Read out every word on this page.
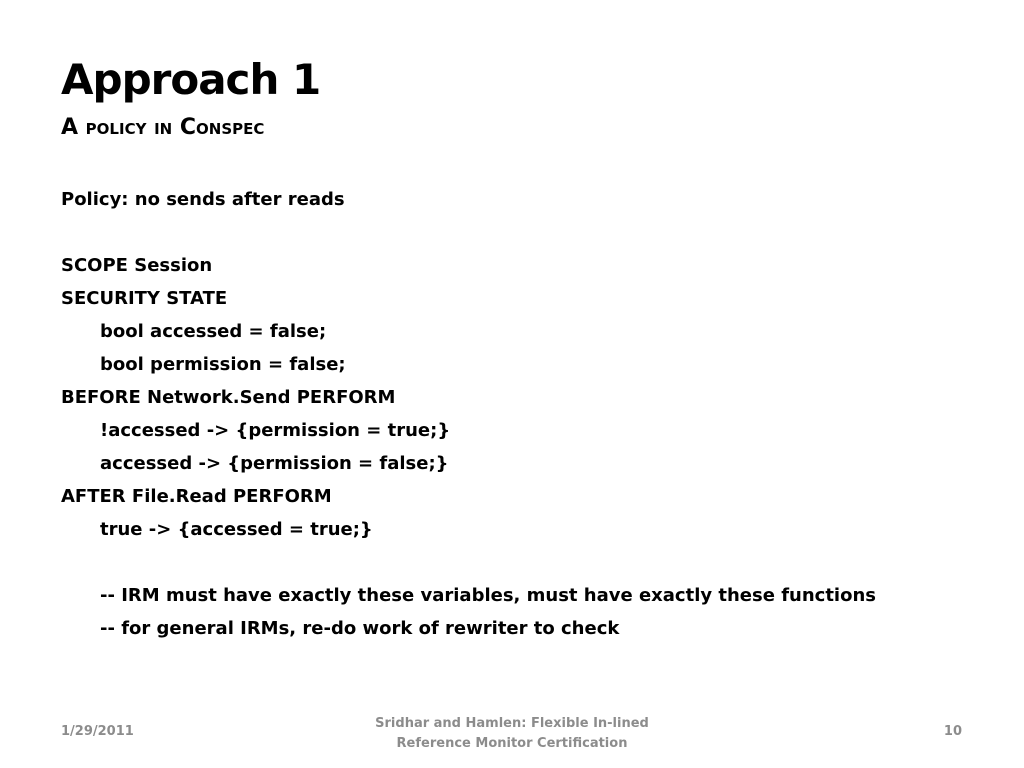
Approach 1
A policy in Conspec
Policy: no sends after reads
SCOPE Session
SECURITY STATE
bool accessed = false;
bool permission = false;
BEFORE Network.Send PERFORM
!accessed -> {permission = true;}
accessed -> {permission = false;}
AFTER File.Read PERFORM
true -> {accessed = true;}
-- IRM must have exactly these variables, must have exactly these functions
-- for general IRMs, re-do work of rewriter to check
1/29/2011
Sridhar and Hamlen: Flexible In-lined
Reference Monitor Certification
10
